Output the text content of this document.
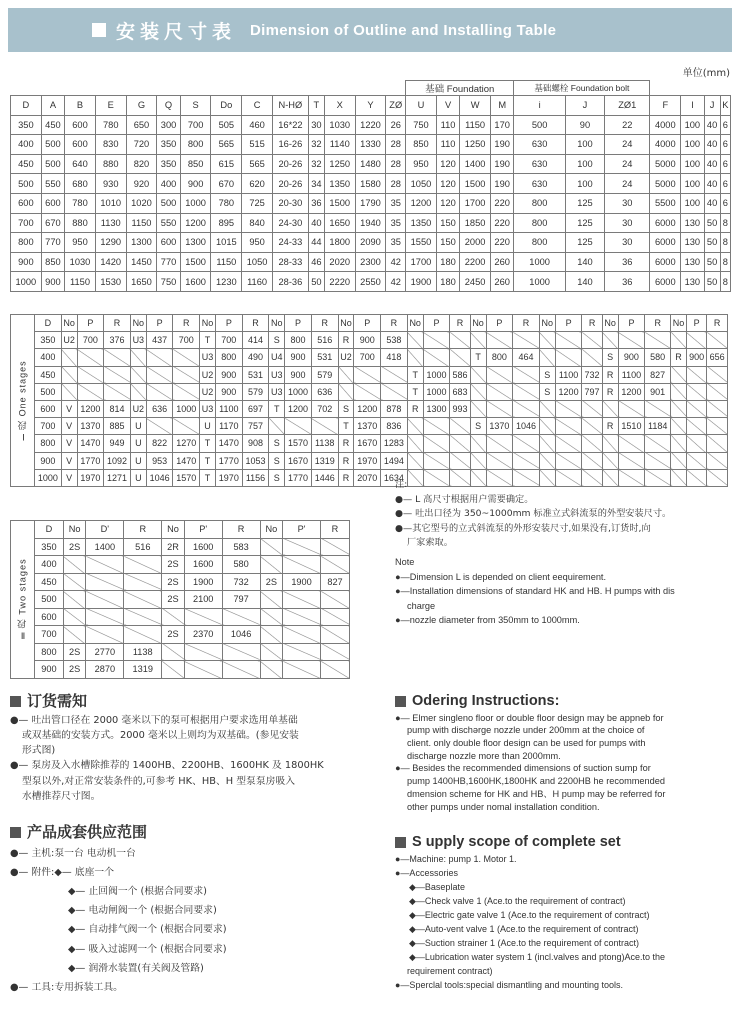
安装尺寸表 Dimension of Outline and Installing Table
单位(mm)
														基础 Foundation				基础螺栓 Foundation bolt						
D	A	B	E	G	Q	S	Do	C	N-HØ	T	X	Y	ZØ	U	V	W	M	i	J	ZØ1	F	I	J	K
350	450	600	780	650	300	700	505	460	16*22	30	1030	1220	26	750	110	1150	170	500	90	22	4000	100	40	6
400	500	600	830	720	350	800	565	515	16-26	32	1140	1330	28	850	110	1250	190	630	100	24	4000	100	40	6
450	500	640	880	820	350	850	615	565	20-26	32	1250	1480	28	950	120	1400	190	630	100	24	5000	100	40	6
500	550	680	930	920	400	900	670	620	20-26	34	1350	1580	28	1050	120	1500	190	630	100	24	5000	100	40	6
600	600	780	1010	1020	500	1000	780	725	20-30	36	1500	1790	35	1200	120	1700	220	800	125	30	5500	100	40	6
700	670	880	1130	1150	550	1200	895	840	24-30	40	1650	1940	35	1350	150	1850	220	800	125	30	6000	130	50	8
800	770	950	1290	1300	600	1300	1015	950	24-33	44	1800	2090	35	1550	150	2000	220	800	125	30	6000	130	50	8
900	850	1030	1420	1450	770	1500	1150	1050	28-33	46	2020	2300	42	1700	180	2200	260	1000	140	36	6000	130	50	8
1000	900	1150	1530	1650	750	1600	1230	1160	28-36	50	2220	2550	42	1900	180	2450	260	1000	140	36	6000	130	50	8
Ⅰ段 One stages	D	No	P	R	No	P	R	No	P	R	No	P	R	No	P	R	No	P	R	No	P	R	No	P	R	No	P	R	No	P	R
	350	U2	700	376	U3	437	700	T	700	414	S	800	516	R	900	538															
	400							U3	800	490	U4	900	531	U2	700	418				T	800	464				S	900	580	R	900	656
	450							U2	900	531	U3	900	579				T	1000	586				S	1100	732	R	1100	827			
	500							U2	900	579	U3	1000	636				T	1000	683				S	1200	797	R	1200	901			
	600	V	1200	814	U2	636	1000	U3	1100	697	T	1200	702	S	1200	878	R	1300	993												
	700	V	1370	885	U			U	1170	757				T	1370	836				S	1370	1046				R	1510	1184			
	800	V	1470	949	U	822	1270	T	1470	908	S	1570	1138	R	1670	1283															
	900	V	1770	1092	U	953	1470	T	1770	1053	S	1670	1319	R	1970	1494															
	1000	V	1970	1271	U	1046	1570	T	1970	1156	S	1770	1446	R	2070	1634															
Ⅱ段 Two stages	D	No	D'	R	No	P'	R	No	P'	R
	350	2S	1400	516	2R	1600	583			
	400				2S	1600	580			
	450				2S	1900	732	2S	1900	827
	500				2S	2100	797			
	600									
	700				2S	2370	1046			
	800	2S	2770	1138						
	900	2S	2870	1319						
注:
●— L 高尺寸根据用户需要确定。
●— 吐出口径为 350~1000mm 标准立式斜流泵的外型安装尺寸。
●—其它型号的立式斜流泵的外形安装尺寸,如果没有,订货时,向
厂家索取。
Note
●—Dimension L is depended on client eequirement.
●—Installation dimensions of standard HK and HB. H pumps with dis
charge
●—nozzle diameter from 350mm to 1000mm.
订货需知
●— 吐出管口径在 2000 毫米以下的泵可根据用户要求选用单基础
或双基础的安装方式。2000 毫米以上则均为双基础。(参见安装
形式图)
●— 泵房及入水槽除推荐的 1400HB、2200HB、1600HK 及 1800HK
型泵以外,对正常安装条件的,可参考 HK、HB、H 型泵泵房吸入
水槽推荐尺寸图。
Odering Instructions:
●— Elmer singleno floor or double floor design may be appneb for
pump with dischərge nozzle under 200mm at the choice of
client. only double floor design can be used for pumps with
discharge nozzle more than 2000mm.
●— Besides the recommended dimensions of suction sump for
pump 1400HB,1600HK,1800HK and 2200HB he recommended
dmension scheme for HK and HB、H pump may be referred for
other pumps under nomal installation condition.
产品成套供应范围
●— 主机:泵一台 电动机一台
●— 附件:◆— 底座一个
◆— 止回阀一个 (根据合同要求)
◆— 电动闸阀一个 (根据合同要求)
◆— 自动排气阀一个 (根据合同要求)
◆— 吸入过滤网一个 (根据合同要求)
◆— 润滑水装置(有关阀及管路)
●— 工具:专用拆装工具。
S upply scope of complete set
●—Machine: pump 1. Motor 1.
●—Accessories
◆—Baseplate
◆—Check valve 1 (Ace.to the requirement of contract)
◆—Electric gate valve 1 (Ace.to the requirement of contract)
◆—Auto-vent valve 1 (Ace.to the requirement of contract)
◆—Suction strainer 1 (Ace.to the requirement of contract)
◆—Lubrication water system 1 (incl.valves and ptong)Ace.to the
requirement contract)
●—Sperclal tools:special dismantling and mounting tools.
